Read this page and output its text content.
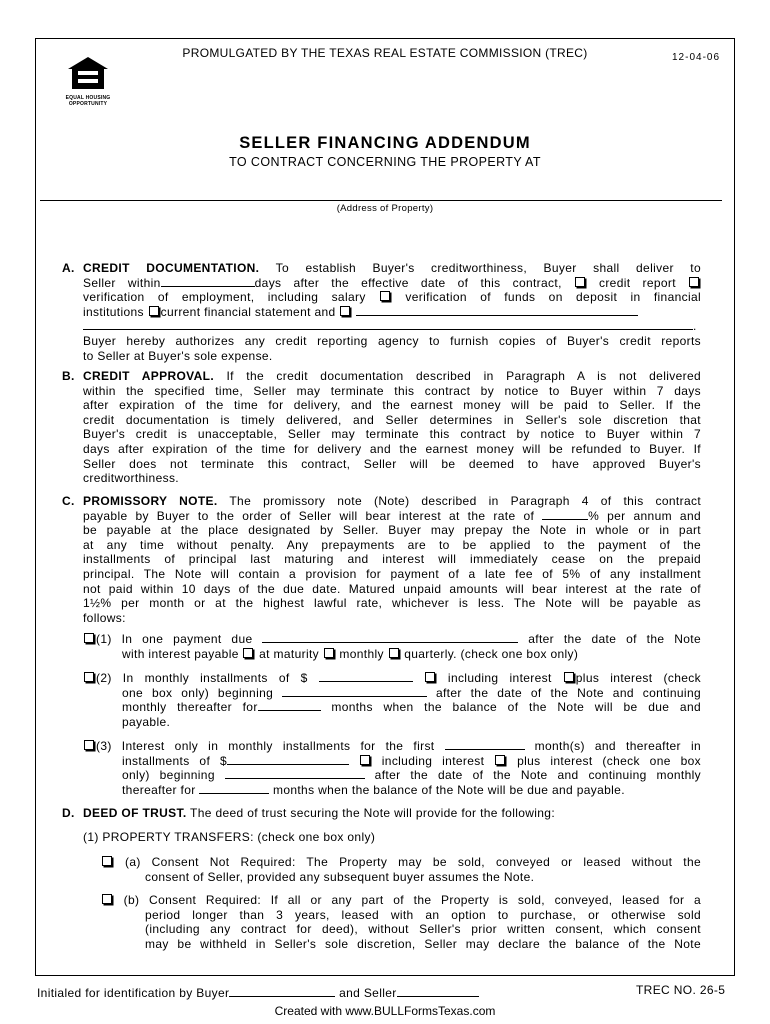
PROMULGATED BY THE TEXAS REAL ESTATE COMMISSION (TREC)	12-04-06
EQUAL HOUSING
OPPORTUNITY
SELLER FINANCING ADDENDUM
TO CONTRACT CONCERNING THE PROPERTY AT
(Address of Property)
A. CREDIT DOCUMENTATION. To establish Buyer's creditworthiness, Buyer shall deliver to
Seller within	days after the effective date of this contract,	credit report
verification of employment, including salary	verification of funds on deposit in financial
institutions current financial statement and
.
Buyer hereby authorizes any credit reporting agency to furnish copies of Buyer's credit reports
to Seller at Buyer's sole expense.
B. CREDIT APPROVAL. If the credit documentation described in Paragraph A is not delivered
within the specified time, Seller may terminate this contract by notice to Buyer within 7 days
after expiration of the time for delivery, and the earnest money will be paid to Seller. If the
credit documentation is timely delivered, and Seller determines in Seller's sole discretion that
Buyer's credit is unacceptable, Seller may terminate this contract by notice to Buyer within 7
days after expiration of the time for delivery and the earnest money will be refunded to Buyer. If
Seller does not terminate this contract, Seller will be deemed to have approved Buyer's
creditworthiness.
C. PROMISSORY NOTE. The promissory note (Note) described in Paragraph 4 of this contract
payable by Buyer to the order of Seller will bear interest at the rate of	% per annum and
be payable at the place designated by Seller. Buyer may prepay the Note in whole or in part
at any time without penalty. Any prepayments are to be applied to the payment of the
installments of principal last maturing and interest will immediately cease on the prepaid
principal. The Note will contain a provision for payment of a late fee of 5% of any installment
not paid within 10 days of the due date. Matured unpaid amounts will bear interest at the rate of
1½% per month or at the highest lawful rate, whichever is less. The Note will be payable as
follows:
(1) In one payment due	after the date of the Note
with interest payable at maturity monthly quarterly. (check one box only)
(2) In monthly installments of $	including interest plus interest (check
one box only) beginning	after the date of the Note and continuing
monthly thereafter for	months when the balance of the Note will be due and
payable.
(3) Interest only in monthly installments for the first	month(s) and thereafter in
installments of $	including interest	plus interest (check one box
only) beginning	after the date of the Note and continuing monthly
thereafter for	months when the balance of the Note will be due and payable.
D. DEED OF TRUST. The deed of trust securing the Note will provide for the following:
(1) PROPERTY TRANSFERS: (check one box only)
(a) Consent Not Required: The Property may be sold, conveyed or leased without the
consent of Seller, provided any subsequent buyer assumes the Note.
(b) Consent Required: If all or any part of the Property is sold, conveyed, leased for a
period longer than 3 years, leased with an option to purchase, or otherwise sold
(including any contract for deed), without Seller's prior written consent, which consent
may be withheld in Seller's sole discretion, Seller may declare the balance of the Note
Initialed for identification by Buyer	and Seller	TREC NO. 26-5
Created with www.BULLFormsTexas.com
